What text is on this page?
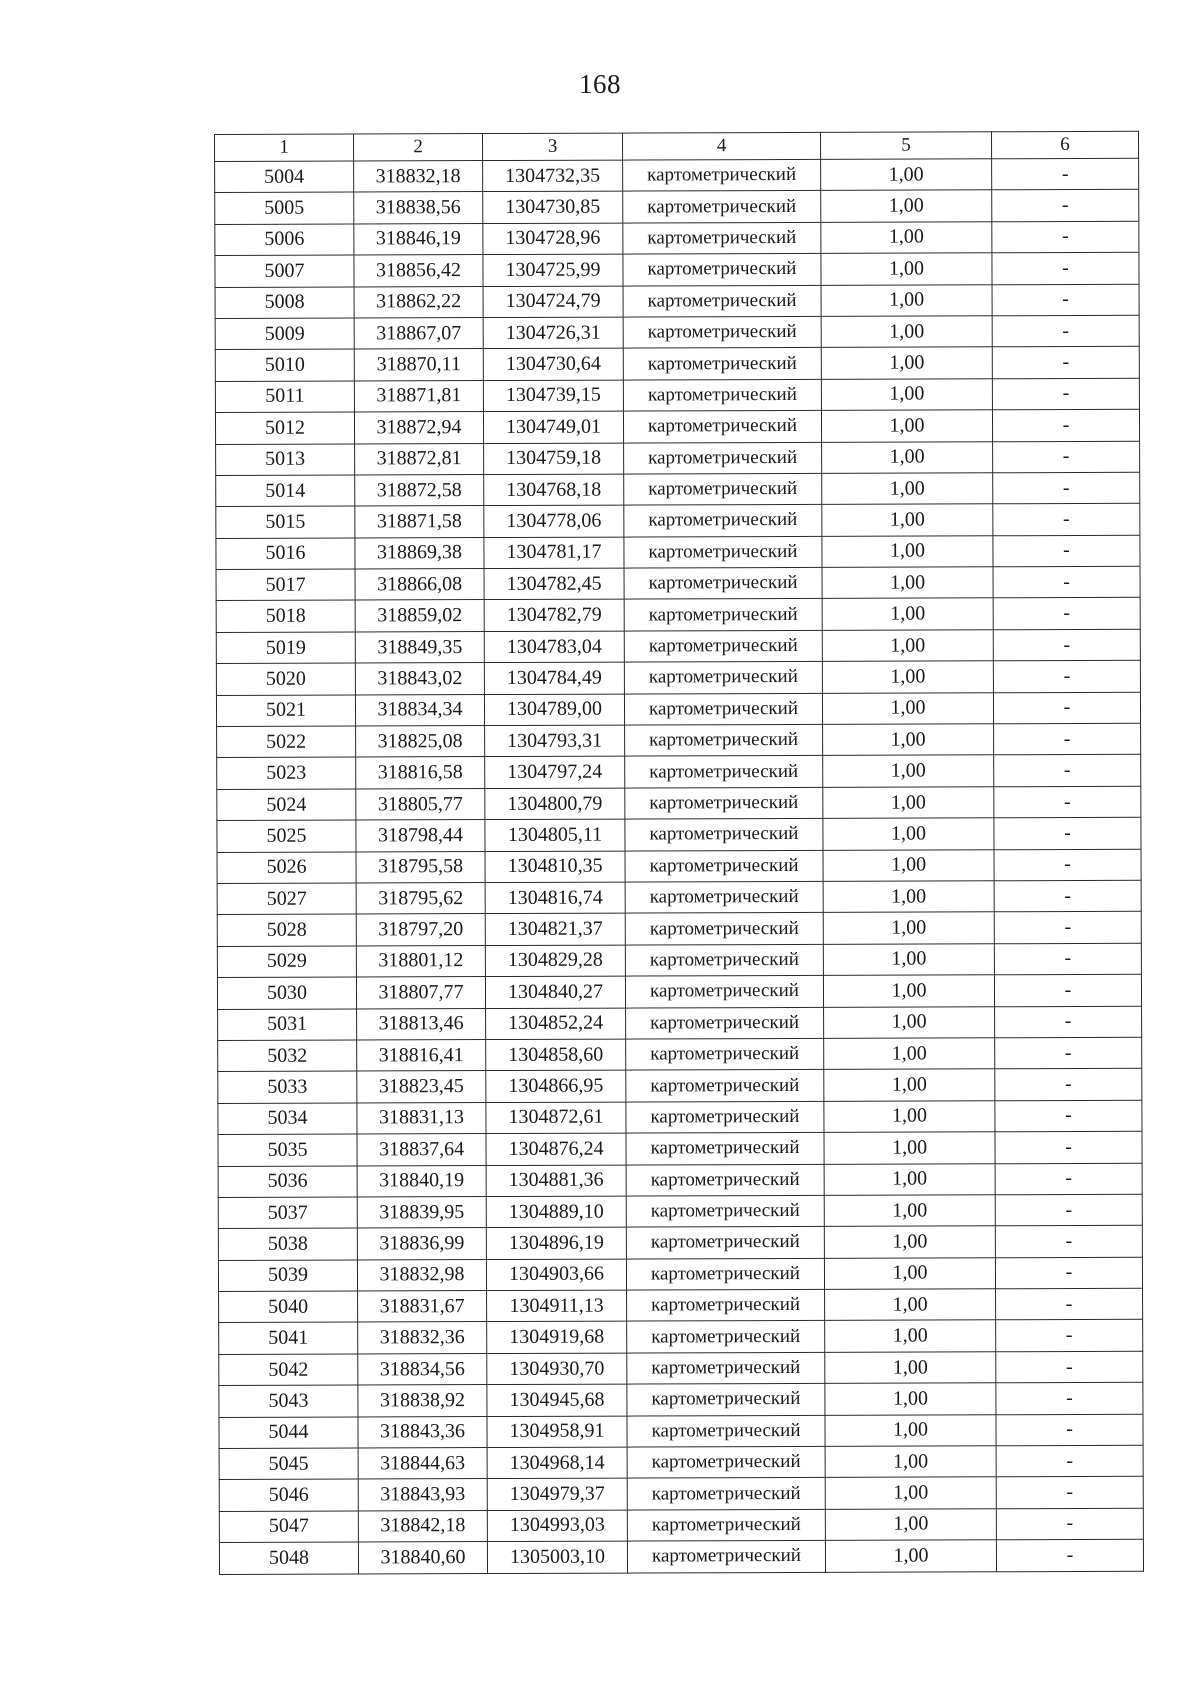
168
1	2	3	4	5	6
5004	318832,18	1304732,35	картометрический	1,00	-
5005	318838,56	1304730,85	картометрический	1,00	-
5006	318846,19	1304728,96	картометрический	1,00	-
5007	318856,42	1304725,99	картометрический	1,00	-
5008	318862,22	1304724,79	картометрический	1,00	-
5009	318867,07	1304726,31	картометрический	1,00	-
5010	318870,11	1304730,64	картометрический	1,00	-
5011	318871,81	1304739,15	картометрический	1,00	-
5012	318872,94	1304749,01	картометрический	1,00	-
5013	318872,81	1304759,18	картометрический	1,00	-
5014	318872,58	1304768,18	картометрический	1,00	-
5015	318871,58	1304778,06	картометрический	1,00	-
5016	318869,38	1304781,17	картометрический	1,00	-
5017	318866,08	1304782,45	картометрический	1,00	-
5018	318859,02	1304782,79	картометрический	1,00	-
5019	318849,35	1304783,04	картометрический	1,00	-
5020	318843,02	1304784,49	картометрический	1,00	-
5021	318834,34	1304789,00	картометрический	1,00	-
5022	318825,08	1304793,31	картометрический	1,00	-
5023	318816,58	1304797,24	картометрический	1,00	-
5024	318805,77	1304800,79	картометрический	1,00	-
5025	318798,44	1304805,11	картометрический	1,00	-
5026	318795,58	1304810,35	картометрический	1,00	-
5027	318795,62	1304816,74	картометрический	1,00	-
5028	318797,20	1304821,37	картометрический	1,00	-
5029	318801,12	1304829,28	картометрический	1,00	-
5030	318807,77	1304840,27	картометрический	1,00	-
5031	318813,46	1304852,24	картометрический	1,00	-
5032	318816,41	1304858,60	картометрический	1,00	-
5033	318823,45	1304866,95	картометрический	1,00	-
5034	318831,13	1304872,61	картометрический	1,00	-
5035	318837,64	1304876,24	картометрический	1,00	-
5036	318840,19	1304881,36	картометрический	1,00	-
5037	318839,95	1304889,10	картометрический	1,00	-
5038	318836,99	1304896,19	картометрический	1,00	-
5039	318832,98	1304903,66	картометрический	1,00	-
5040	318831,67	1304911,13	картометрический	1,00	-
5041	318832,36	1304919,68	картометрический	1,00	-
5042	318834,56	1304930,70	картометрический	1,00	-
5043	318838,92	1304945,68	картометрический	1,00	-
5044	318843,36	1304958,91	картометрический	1,00	-
5045	318844,63	1304968,14	картометрический	1,00	-
5046	318843,93	1304979,37	картометрический	1,00	-
5047	318842,18	1304993,03	картометрический	1,00	-
5048	318840,60	1305003,10	картометрический	1,00	-
